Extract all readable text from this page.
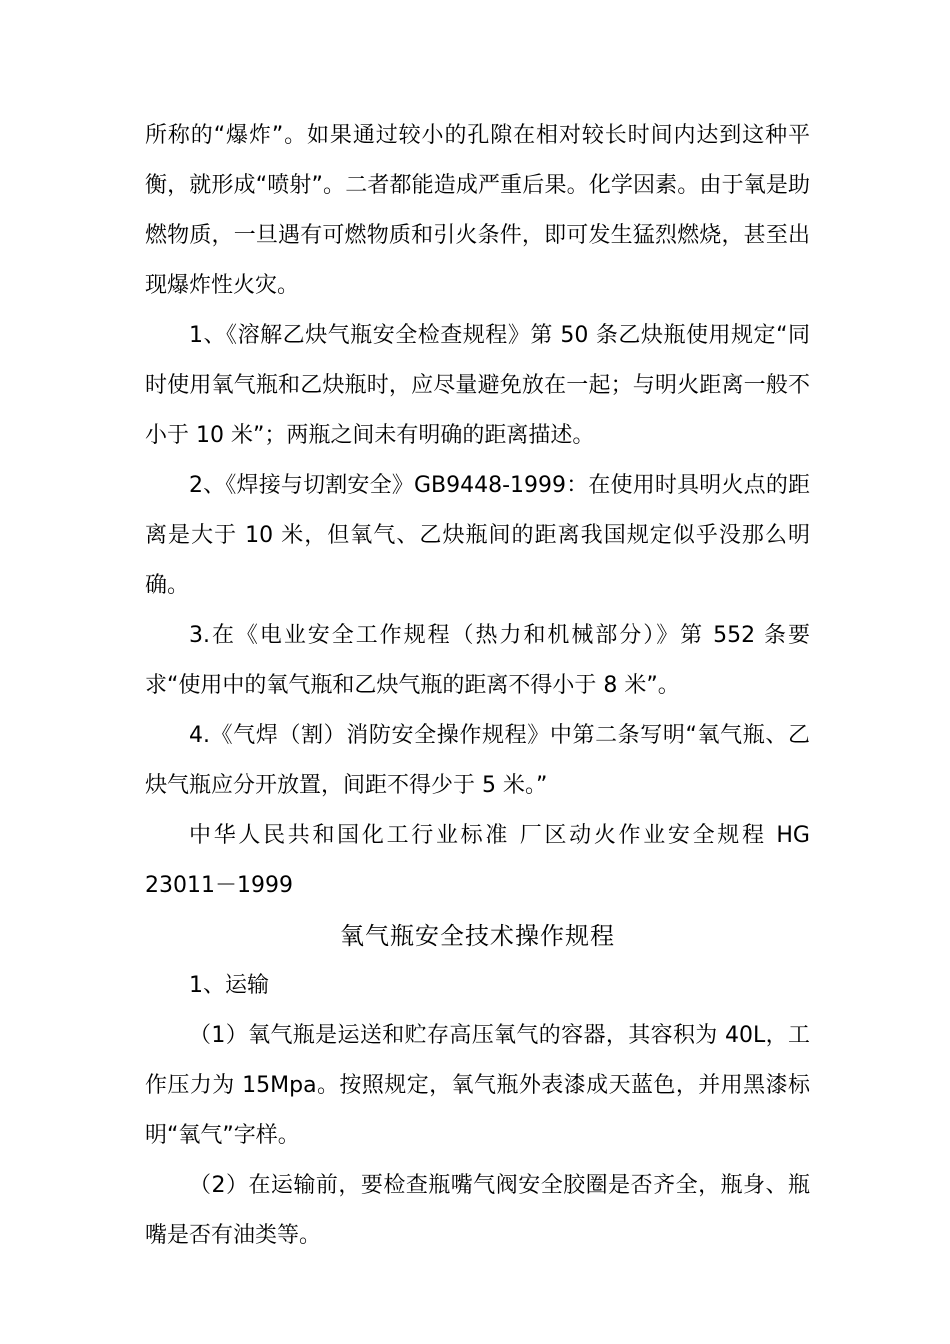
所称的“爆炸”。如果通过较小的孔隙在相对较长时间内达到这种平衡，就形成“喷射”。二者都能造成严重后果。化学因素。由于氧是助燃物质，一旦遇有可燃物质和引火条件，即可发生猛烈燃烧，甚至出现爆炸性火灾。

1、《溶解乙炔气瓶安全检查规程》第 50 条乙炔瓶使用规定“同时使用氧气瓶和乙炔瓶时，应尽量避免放在一起；与明火距离一般不小于 10 米”；两瓶之间未有明确的距离描述。

2、《焊接与切割安全》GB9448-1999：在使用时具明火点的距离是大于 10 米，但氧气、乙炔瓶间的距离我国规定似乎没那么明确。

3.在《电业安全工作规程（热力和机械部分）》第 552 条要求“使用中的氧气瓶和乙炔气瓶的距离不得小于 8 米”。

4.《气焊（割）消防安全操作规程》中第二条写明“氧气瓶、乙炔气瓶应分开放置，间距不得少于 5 米。”

中华人民共和国化工行业标准 厂区动火作业安全规程 HG 23011－1999

氧气瓶安全技术操作规程

1、运输

（1）氧气瓶是运送和贮存高压氧气的容器，其容积为 40L，工作压力为 15Mpa。按照规定，氧气瓶外表漆成天蓝色，并用黑漆标明“氧气”字样。

（2）在运输前，要检查瓶嘴气阀安全胶圈是否齐全，瓶身、瓶嘴是否有油类等。
